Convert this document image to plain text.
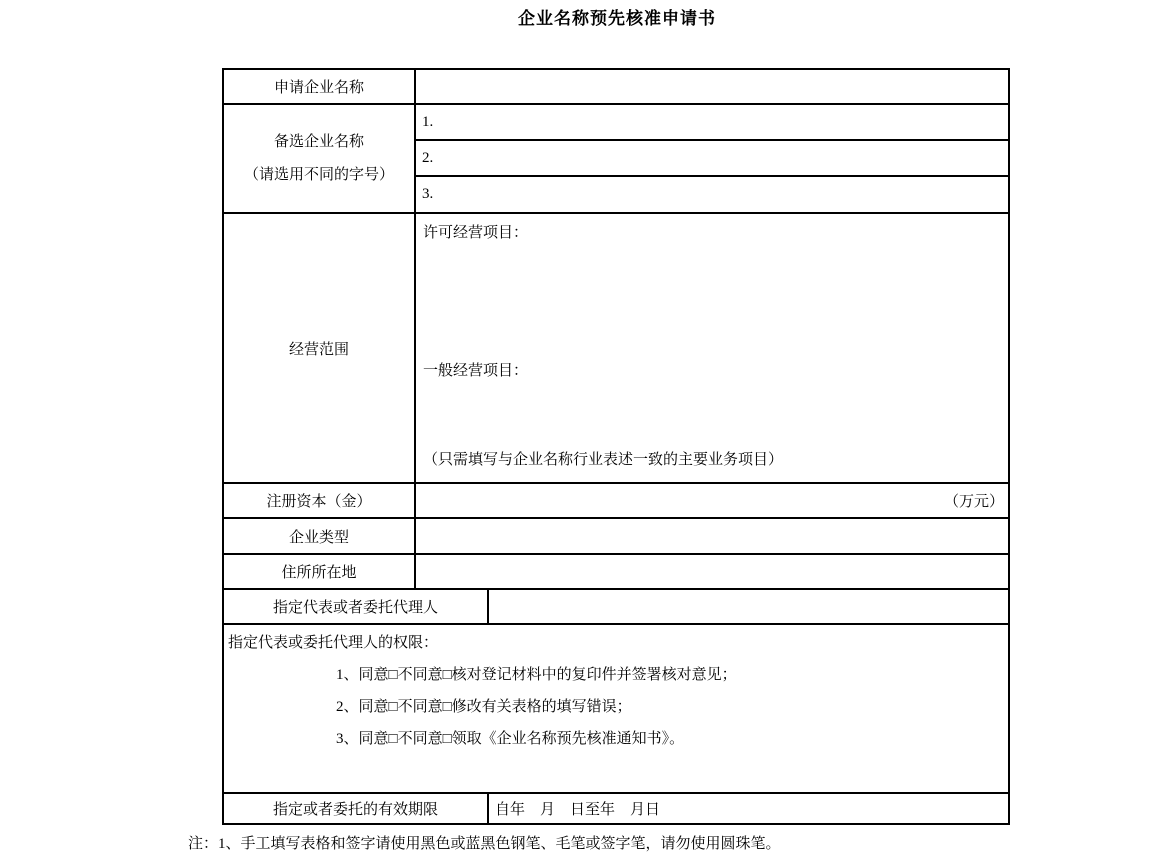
企业名称预先核准申请书
申请企业名称		

备选企业名称
（请选用不同的字号）	1.	
	2.	
	3.	
经营范围	许可经营项目：
一般经营项目：
（只需填写与企业名称行业表述一致的主要业务项目）	

注册资本（金）	（万元）	

企业类型		
住所所在地		
指定代表或者委托代理人		

指定代表或委托代理人的权限：
1、同意□不同意□核对登记材料中的复印件并签署核对意见；
2、同意□不同意□修改有关表格的填写错误；
3、同意□不同意□领取《企业名称预先核准通知书》。		

指定或者委托的有效期限		自年　月　日至年　月日
注：1、手工填写表格和签字请使用黑色或蓝黑色钢笔、毛笔或签字笔，请勿使用圆珠笔。
